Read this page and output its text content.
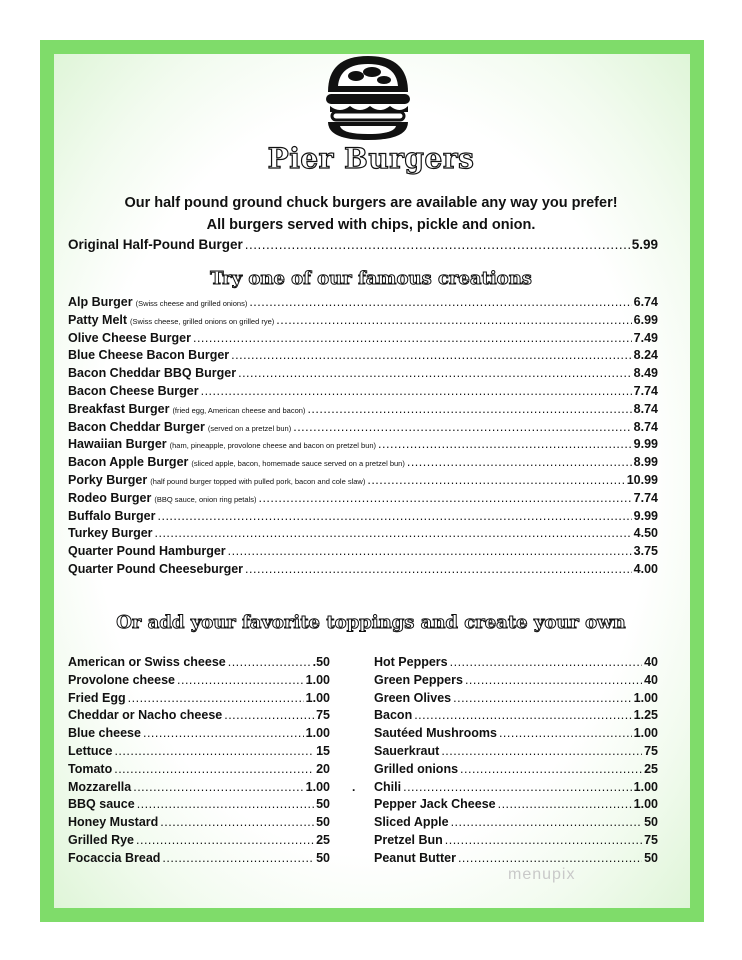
Pier Burgers
Our half pound ground chuck burgers are available any way you prefer!
All burgers served with chips, pickle and onion.
Original Half-Pound Burger .....	5.99
Try one of our famous creations
Alp Burger (Swiss cheese and grilled onions) .....	6.74
Patty Melt (Swiss cheese, grilled onions on grilled rye) .....	6.99
Olive Cheese Burger .....	7.49
Blue Cheese Bacon Burger .....	8.24
Bacon Cheddar BBQ Burger .....	8.49
Bacon Cheese Burger .....	7.74
Breakfast Burger (fried egg, American cheese and bacon) .....	8.74
Bacon Cheddar Burger (served on a pretzel bun) .....	8.74
Hawaiian Burger (ham, pineapple, provolone cheese and bacon on pretzel bun) .....	9.99
Bacon Apple Burger (sliced apple, bacon, homemade sauce served on a pretzel bun) .....	8.99
Porky Burger (half pound burger topped with pulled pork, bacon and cole slaw) .....	10.99
Rodeo Burger (BBQ sauce, onion ring petals) .....	7.74
Buffalo Burger .....	9.99
Turkey Burger .....	4.50
Quarter Pound Hamburger .....	3.75
Quarter Pound Cheeseburger .....	4.00
Or add your favorite toppings and create your own
American or Swiss cheese .....	.50
Provolone cheese .....	1.00
Fried Egg .....	1.00
Cheddar or Nacho cheese .....	75
Blue cheese .....	1.00
Lettuce .....	15
Tomato .....	20
Mozzarella .....	1.00
BBQ sauce .....	50
Honey Mustard .....	50
Grilled Rye .....	25
Focaccia Bread .....	50
Hot Peppers .....	40
Green Peppers .....	40
Green Olives .....	1.00
Bacon .....	1.25
Sautéed Mushrooms .....	1.00
Sauerkraut .....	75
Grilled onions .....	25
Chili .....	1.00
Pepper Jack Cheese .....	1.00
Sliced Apple .....	50
Pretzel Bun .....	75
Peanut Butter .....	50
.
menupix
